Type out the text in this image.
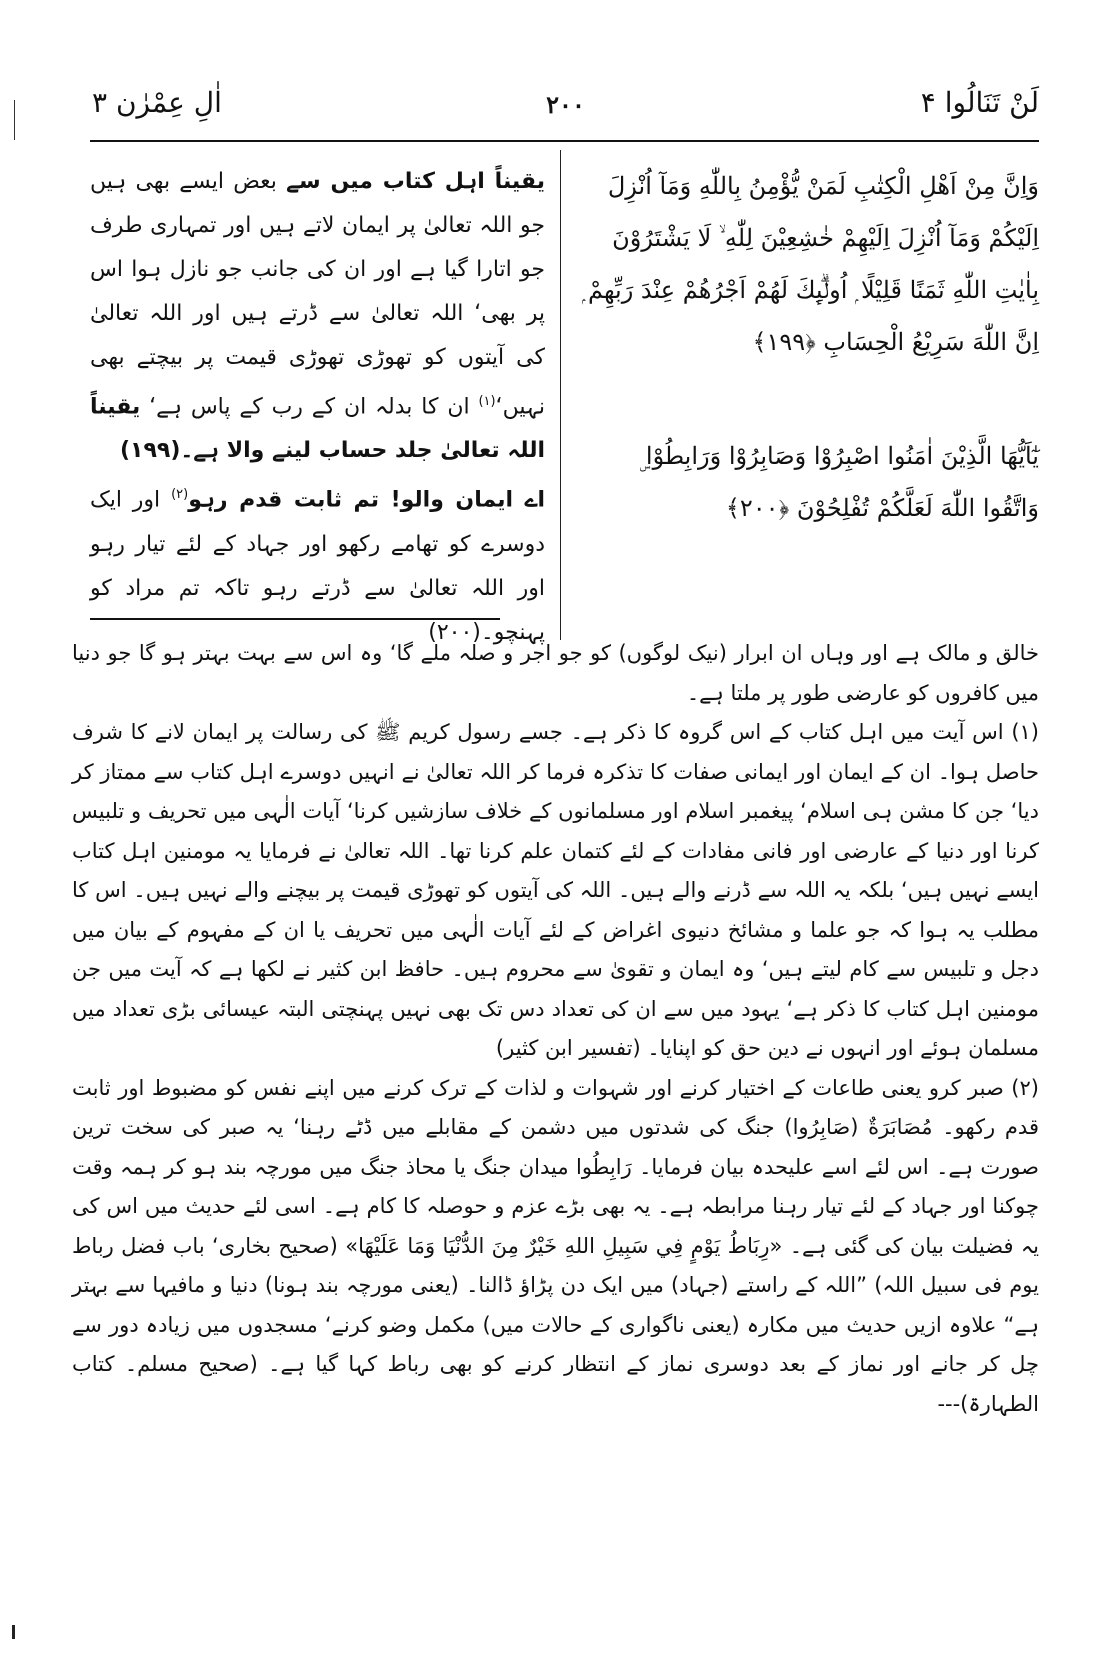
لَنْ تَنَالُوا ۴
۲۰۰
اٰلِ عِمْرٰن ۳

وَاِنَّ مِنْ اَهْلِ الْكِتٰبِ لَمَنْ يُّؤْمِنُ بِاللّٰهِ وَمَآ اُنْزِلَ اِلَيْكُمْ وَمَآ اُنْزِلَ اِلَيْهِمْ خٰشِعِيْنَ لِلّٰهِ ۙ لَا يَشْتَرُوْنَ بِاٰيٰتِ اللّٰهِ ثَمَنًا قَلِيْلًا ۭ اُولٰۗىِٕكَ لَھُمْ اَجْرُھُمْ عِنْدَ رَبِّهِمْ ۭ اِنَّ اللّٰهَ سَرِيْعُ الْحِسَابِ ﴿١٩٩﴾

يٰٓاَيُّهَا الَّذِيْنَ اٰمَنُوا اصْبِرُوْا وَصَابِرُوْا وَرَابِطُوْا ۣ وَاتَّقُوا اللّٰهَ لَعَلَّكُمْ تُفْلِحُوْنَ ﴿٢٠٠﴾

یقیناً اہل کتاب میں سے بعض ایسے بھی ہیں جو اللہ تعالیٰ پر ایمان لاتے ہیں اور تمہاری طرف جو اتارا گیا ہے اور ان کی جانب جو نازل ہوا اس پر بھی‘ اللہ تعالیٰ سے ڈرتے ہیں اور اللہ تعالیٰ کی آیتوں کو تھوڑی تھوڑی قیمت پر بیچتے بھی نہیں‘$^{(۱)}$ ان کا بدلہ ان کے رب کے پاس ہے‘ یقیناً اللہ تعالیٰ جلد حساب لینے والا ہے۔(۱۹۹)

اے ایمان والو! تم ثابت قدم رہو$^{(۲)}$ اور ایک دوسرے کو تھامے رکھو اور جہاد کے لئے تیار رہو اور اللہ تعالیٰ سے ڈرتے رہو تاکہ تم مراد کو پہنچو۔(۲۰۰)

خالق و مالک ہے اور وہاں ان ابرار (نیک لوگوں) کو جو اجر و صلہ ملے گا‘ وہ اس سے بہت بہتر ہو گا جو دنیا میں کافروں کو عارضی طور پر ملتا ہے۔

(۱) اس آیت میں اہل کتاب کے اس گروہ کا ذکر ہے۔ جسے رسول کریم ﷺ کی رسالت پر ایمان لانے کا شرف حاصل ہوا۔ ان کے ایمان اور ایمانی صفات کا تذکرہ فرما کر اللہ تعالیٰ نے انہیں دوسرے اہل کتاب سے ممتاز کر دیا‘ جن کا مشن ہی اسلام‘ پیغمبر اسلام اور مسلمانوں کے خلاف سازشیں کرنا‘ آیات الٰہی میں تحریف و تلبیس کرنا اور دنیا کے عارضی اور فانی مفادات کے لئے کتمان علم کرنا تھا۔ اللہ تعالیٰ نے فرمایا یہ مومنین اہل کتاب ایسے نہیں ہیں‘ بلکہ یہ اللہ سے ڈرنے والے ہیں۔ اللہ کی آیتوں کو تھوڑی قیمت پر بیچنے والے نہیں ہیں۔ اس کا مطلب یہ ہوا کہ جو علما و مشائخ دنیوی اغراض کے لئے آیات الٰہی میں تحریف یا ان کے مفہوم کے بیان میں دجل و تلبیس سے کام لیتے ہیں‘ وہ ایمان و تقویٰ سے محروم ہیں۔ حافظ ابن کثیر نے لکھا ہے کہ آیت میں جن مومنین اہل کتاب کا ذکر ہے‘ یہود میں سے ان کی تعداد دس تک بھی نہیں پہنچتی البتہ عیسائی بڑی تعداد میں مسلمان ہوئے اور انہوں نے دین حق کو اپنایا۔ (تفسیر ابن کثیر)

(۲) صبر کرو یعنی طاعات کے اختیار کرنے اور شہوات و لذات کے ترک کرنے میں اپنے نفس کو مضبوط اور ثابت قدم رکھو۔ مُصَابَرَةٌ (صَابِرُوا) جنگ کی شدتوں میں دشمن کے مقابلے میں ڈٹے رہنا‘ یہ صبر کی سخت ترین صورت ہے۔ اس لئے اسے علیحدہ بیان فرمایا۔ رَابِطُوا میدان جنگ یا محاذ جنگ میں مورچہ بند ہو کر ہمہ وقت چوکنا اور جہاد کے لئے تیار رہنا مرابطہ ہے۔ یہ بھی بڑے عزم و حوصلہ کا کام ہے۔ اسی لئے حدیث میں اس کی یہ فضیلت بیان کی گئی ہے۔ «رِبَاطُ يَوْمٍ فِي سَبِيلِ اللهِ خَيْرٌ مِنَ الدُّنْيَا وَمَا عَلَيْهَا» (صحیح بخاری‘ باب فضل رباط یوم فی سبیل اللہ) ”اللہ کے راستے (جہاد) میں ایک دن پڑاؤ ڈالنا۔ (یعنی مورچہ بند ہونا) دنیا و مافیہا سے بہتر ہے“ علاوہ ازیں حدیث میں مکارہ (یعنی ناگواری کے حالات میں) مکمل وضو کرنے‘ مسجدوں میں زیادہ دور سے چل کر جانے اور نماز کے بعد دوسری نماز کے انتظار کرنے کو بھی رباط کہا گیا ہے۔ (صحیح مسلم۔ کتاب الطہارۃ)---
